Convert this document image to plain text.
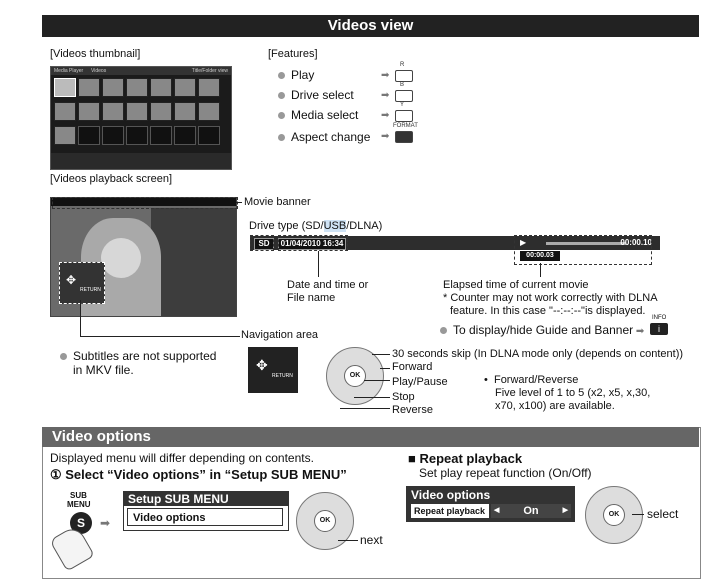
Videos view
[Videos thumbnail]
Media Player Videos	Title/Folder view
[Features]
Play
Drive select
Media select
Aspect change
➡
➡
➡
➡
R
B
Y
FORMAT
[Videos playback screen]
✥
RETURN
Movie banner
Drive type (SD/USB/DLNA)
SD	01/04/2010 16:34	▶	00:00.10
00:00.03
Date and time or
File name
Elapsed time of current movie
* Counter may not work correctly with DLNA
feature. In this case "--:--:--"is displayed.
To display/hide Guide and Banner ➡
INFO
i
Navigation area
Subtitles are not supported
in MKV file.	✥
RETURN	OK
30 seconds skip (In DLNA mode only (depends on content))
Forward
Play/Pause
Stop
Reverse
•  Forward/Reverse
Five level of 1 to 5 (x2, x5, x,30,
x70, x100) are available.
Video options
Displayed menu will differ depending on contents.
① Select “Video options” in “Setup SUB MENU”
SUB
MENU
S	➡
Setup SUB MENU
Video options	OK
next
■ Repeat playback
Set play repeat function (On/Off)
Video options
Repeat playback	◀ On	▶
OK	select
